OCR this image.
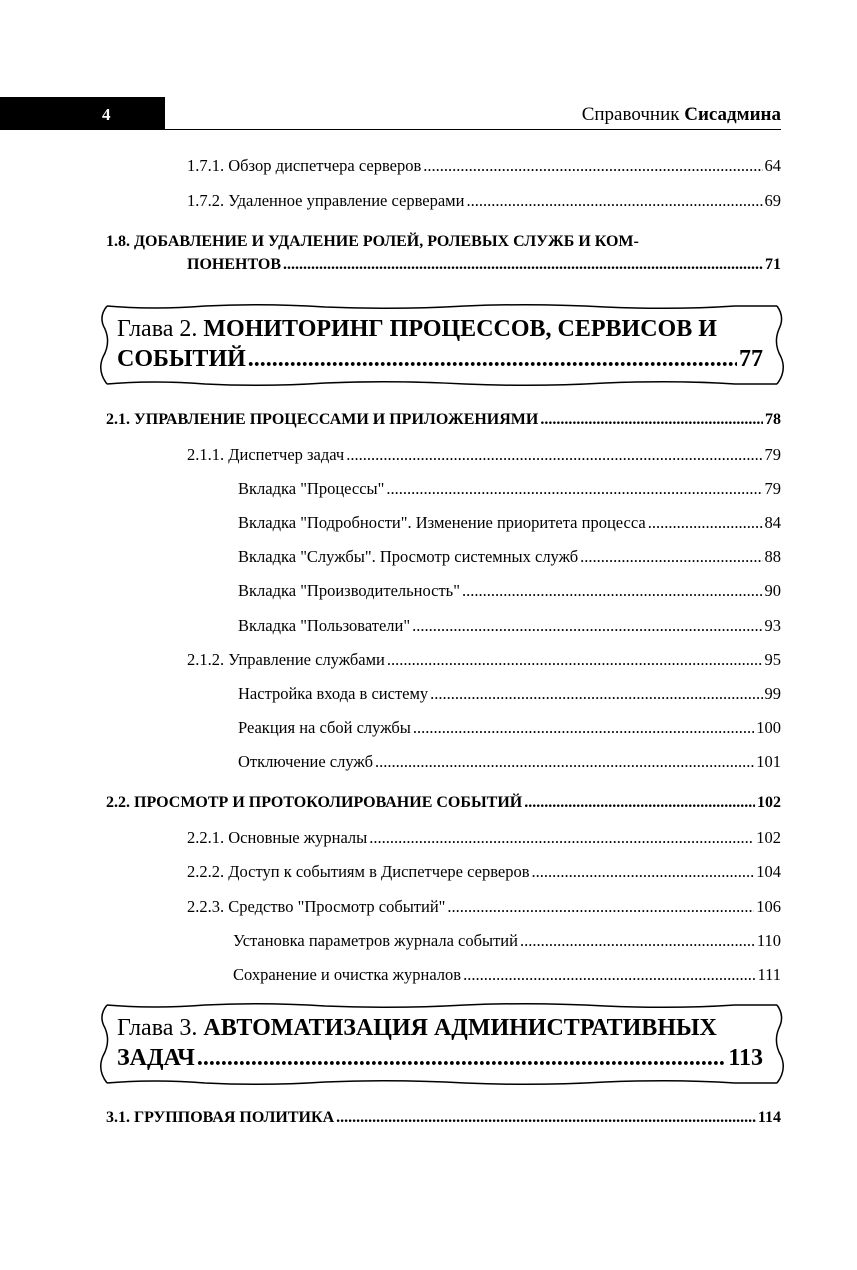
4	Справочник Сисадмина
1.7.1. Обзор диспетчера серверов .....	64
1.7.2. Удаленное управление серверами .....	69
1.8. ДОБАВЛЕНИЕ И УДАЛЕНИЕ РОЛЕЙ, РОЛЕВЫХ СЛУЖБ И КОМ-
ПОНЕНТОВ .....	71
Глава 2. МОНИТОРИНГ ПРОЦЕССОВ, СЕРВИСОВ И
СОБЫТИЙ .....	77
2.1. УПРАВЛЕНИЕ ПРОЦЕССАМИ И ПРИЛОЖЕНИЯМИ .....	78
2.1.1. Диспетчер задач .....	79
Вкладка "Процессы" .....	79
Вкладка "Подробности". Изменение приоритета процесса .....	84
Вкладка "Службы". Просмотр системных служб .....	88
Вкладка "Производительность" .....	90
Вкладка "Пользователи" .....	93
2.1.2. Управление службами .....	95
Настройка входа в систему .....	99
Реакция на сбой службы .....	100
Отключение служб .....	101
2.2. ПРОСМОТР И ПРОТОКОЛИРОВАНИЕ СОБЫТИЙ .....	102
2.2.1. Основные журналы .....	102
2.2.2. Доступ к событиям в Диспетчере серверов .....	104
2.2.3. Средство "Просмотр событий" .....	106
Установка параметров журнала событий .....	110
Сохранение и очистка журналов .....	111
Глава 3. АВТОМАТИЗАЦИЯ АДМИНИСТРАТИВНЫХ
ЗАДАЧ .....	113
3.1. ГРУППОВАЯ ПОЛИТИКА .....	114
